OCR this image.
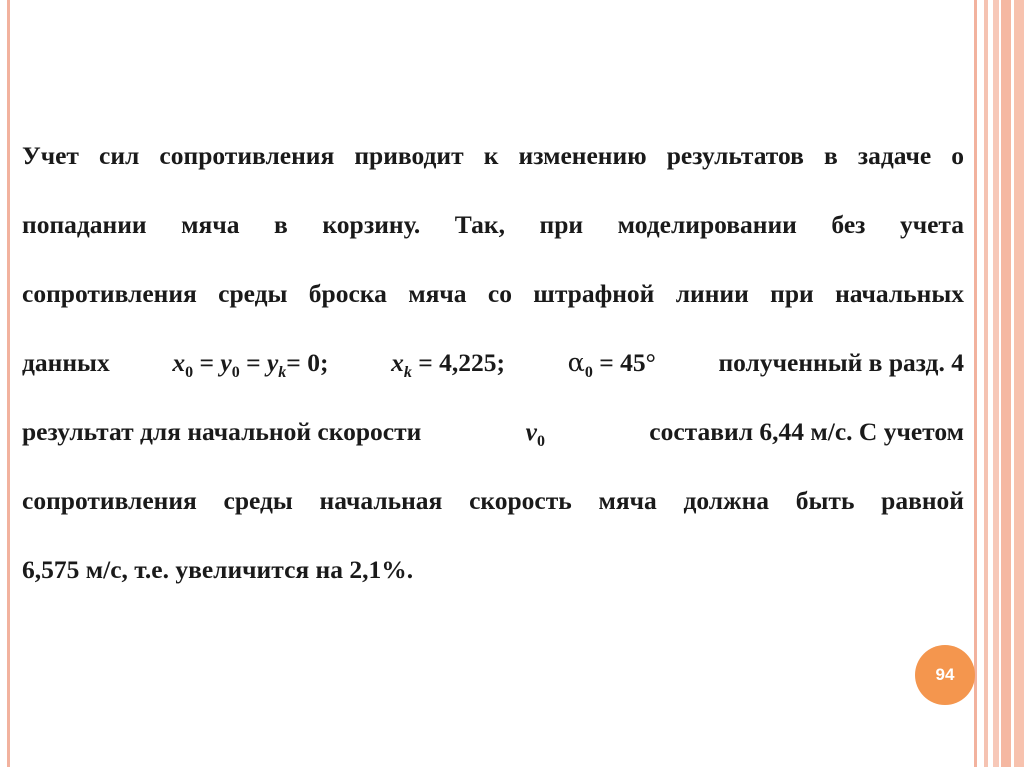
Учет сил сопротивления приводит к изменению результатов в задаче о
попадании мяча в корзину. Так, при моделировании без учета
сопротивления среды броска мяча со штрафной линии при начальных
данных $x_0 = y_0 = y_k= 0$; $x_k = 4,225$; $\alpha_0 = 45^\circ$ полученный в разд. 4
результат для начальной скорости	$v_0$	составил 6,44 м/с. С учетом
сопротивления среды начальная скорость мяча должна быть равной
6,575 м/с, т.е. увеличится на 2,1%.
94
